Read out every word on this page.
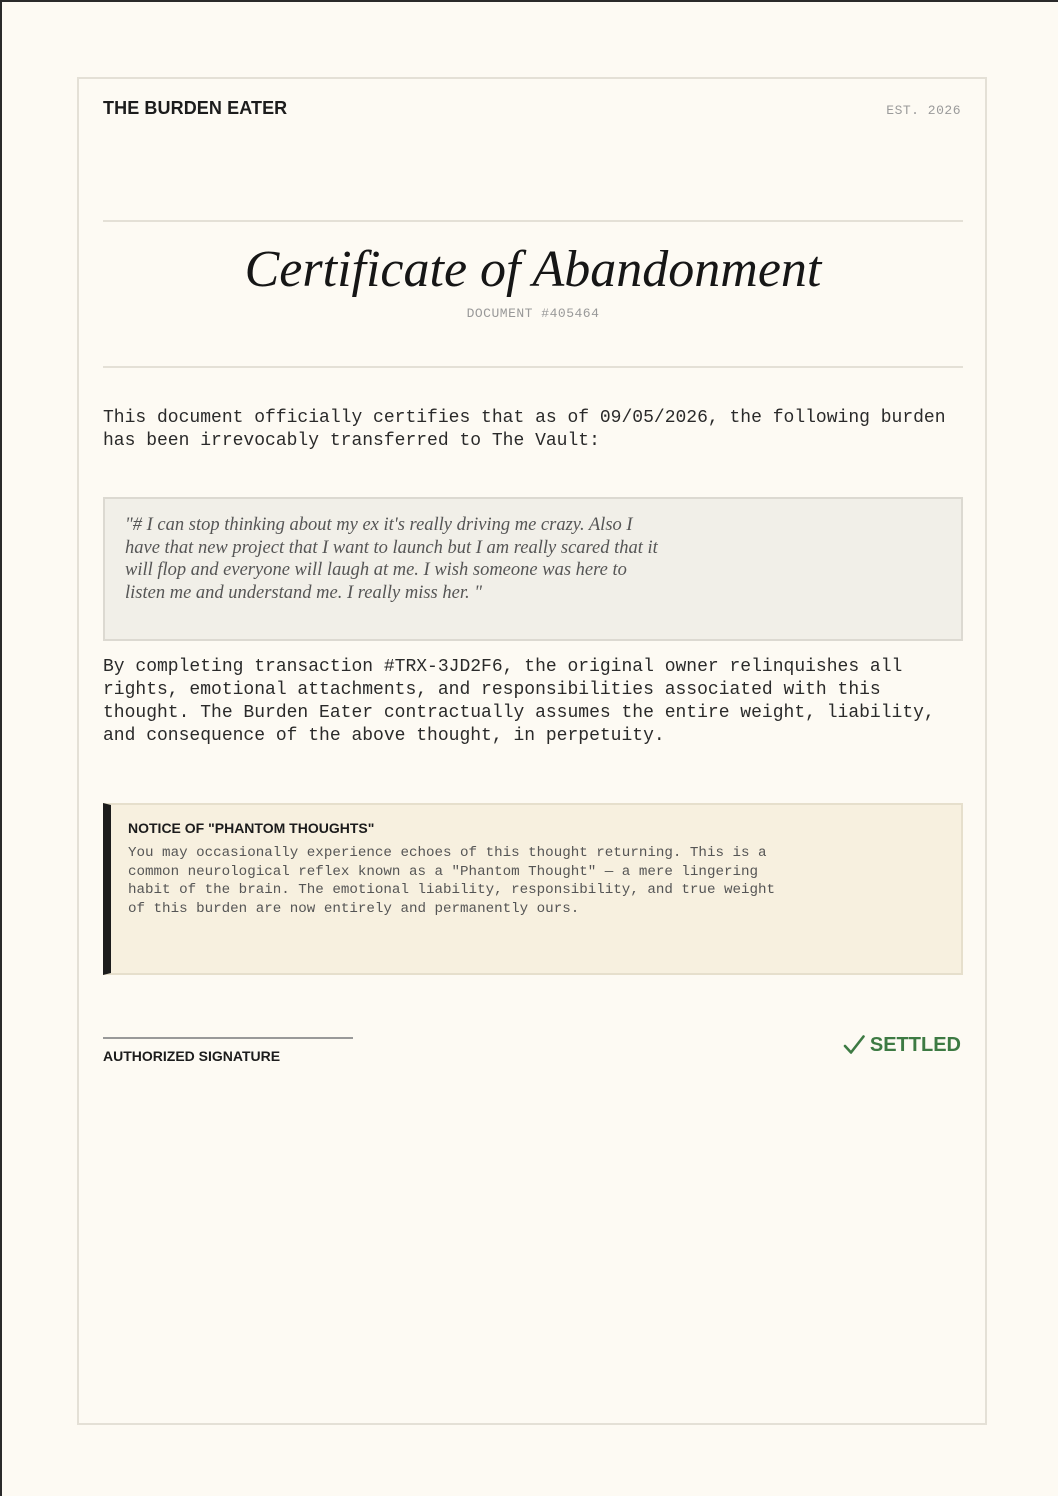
THE BURDEN EATER	EST. 2026
Certificate of Abandonment
DOCUMENT #405464

This document officially certifies that as of 09/05/2026, the following burden has been irrevocably transferred to The Vault:

"# I can stop thinking about my ex it's really driving me crazy. Also I have that new project that I want to launch but I am really scared that it will flop and everyone will laugh at me. I wish someone was here to listen me and understand me. I really miss her. "

By completing transaction #TRX-3JD2F6, the original owner relinquishes all rights, emotional attachments, and responsibilities associated with this thought. The Burden Eater contractually assumes the entire weight, liability, and consequence of the above thought, in perpetuity.

NOTICE OF "PHANTOM THOUGHTS"

You may occasionally experience echoes of this thought returning. This is a common neurological reflex known as a "Phantom Thought" — a mere lingering habit of the brain. The emotional liability, responsibility, and true weight of this burden are now entirely and permanently ours.

AUTHORIZED SIGNATURE
SETTLED
